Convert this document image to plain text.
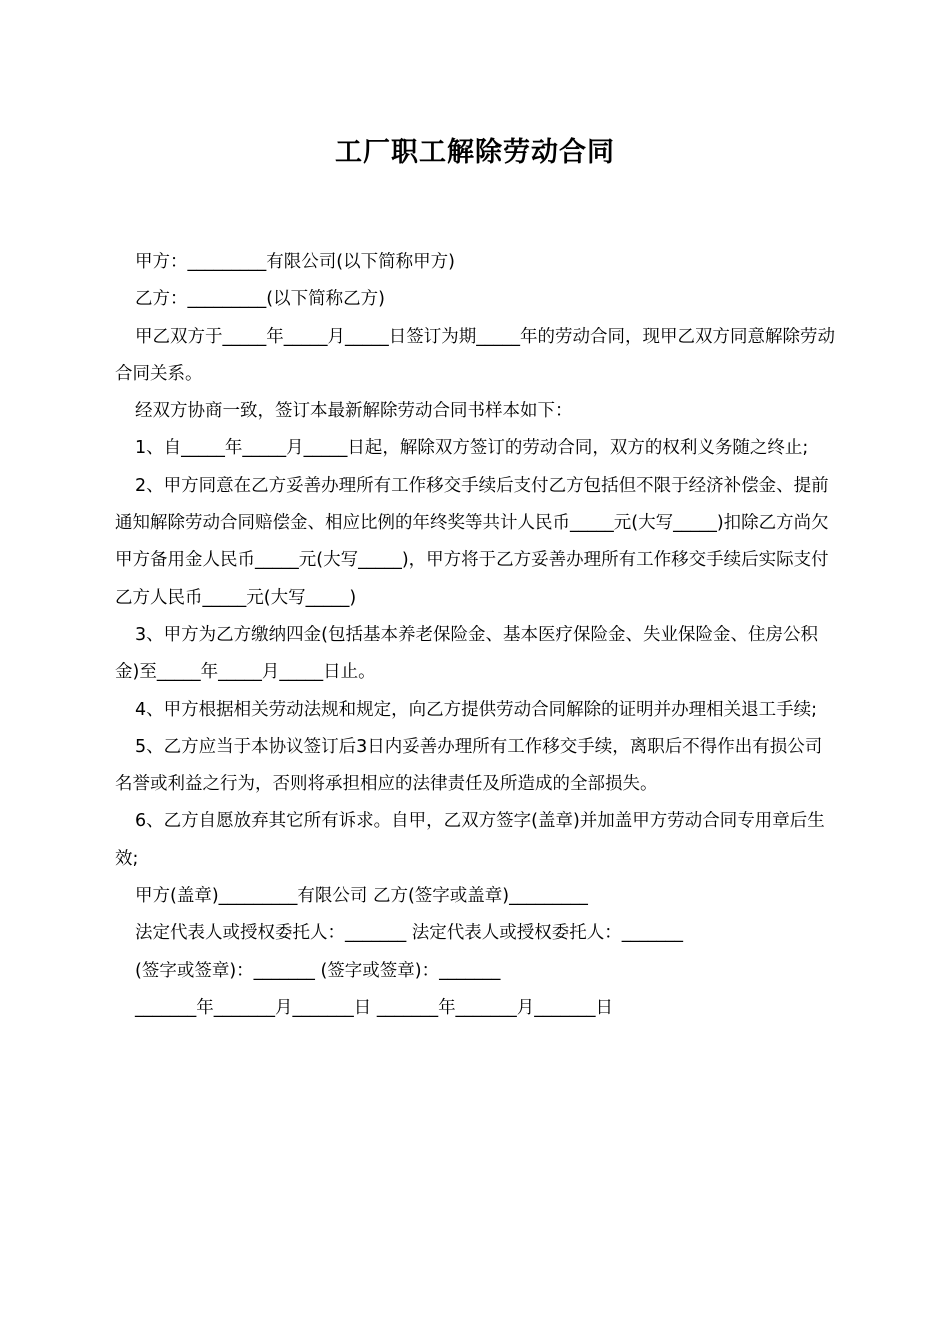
工厂职工解除劳动合同

甲方：_________有限公司(以下简称甲方)

乙方：_________(以下简称乙方)

甲乙双方于_____年_____月_____日签订为期_____年的劳动合同，现甲乙双方同意解除劳动合同关系。

经双方协商一致，签订本最新解除劳动合同书样本如下：

1、自_____年_____月_____日起，解除双方签订的劳动合同，双方的权利义务随之终止;

2、甲方同意在乙方妥善办理所有工作移交手续后支付乙方包括但不限于经济补偿金、提前通知解除劳动合同赔偿金、相应比例的年终奖等共计人民币_____元(大写_____)扣除乙方尚欠甲方备用金人民币_____元(大写_____)，甲方将于乙方妥善办理所有工作移交手续后实际支付乙方人民币_____元(大写_____)

3、甲方为乙方缴纳四金(包括基本养老保险金、基本医疗保险金、失业保险金、住房公积金)至_____年_____月_____日止。

4、甲方根据相关劳动法规和规定，向乙方提供劳动合同解除的证明并办理相关退工手续;

5、乙方应当于本协议签订后3日内妥善办理所有工作移交手续，离职后不得作出有损公司名誉或利益之行为，否则将承担相应的法律责任及所造成的全部损失。

6、乙方自愿放弃其它所有诉求。自甲，乙双方签字(盖章)并加盖甲方劳动合同专用章后生效;

甲方(盖章)_________有限公司 乙方(签字或盖章)_________

法定代表人或授权委托人：_______ 法定代表人或授权委托人：_______

(签字或签章)：_______ (签字或签章)：_______

_______年_______月_______日 _______年_______月_______日
